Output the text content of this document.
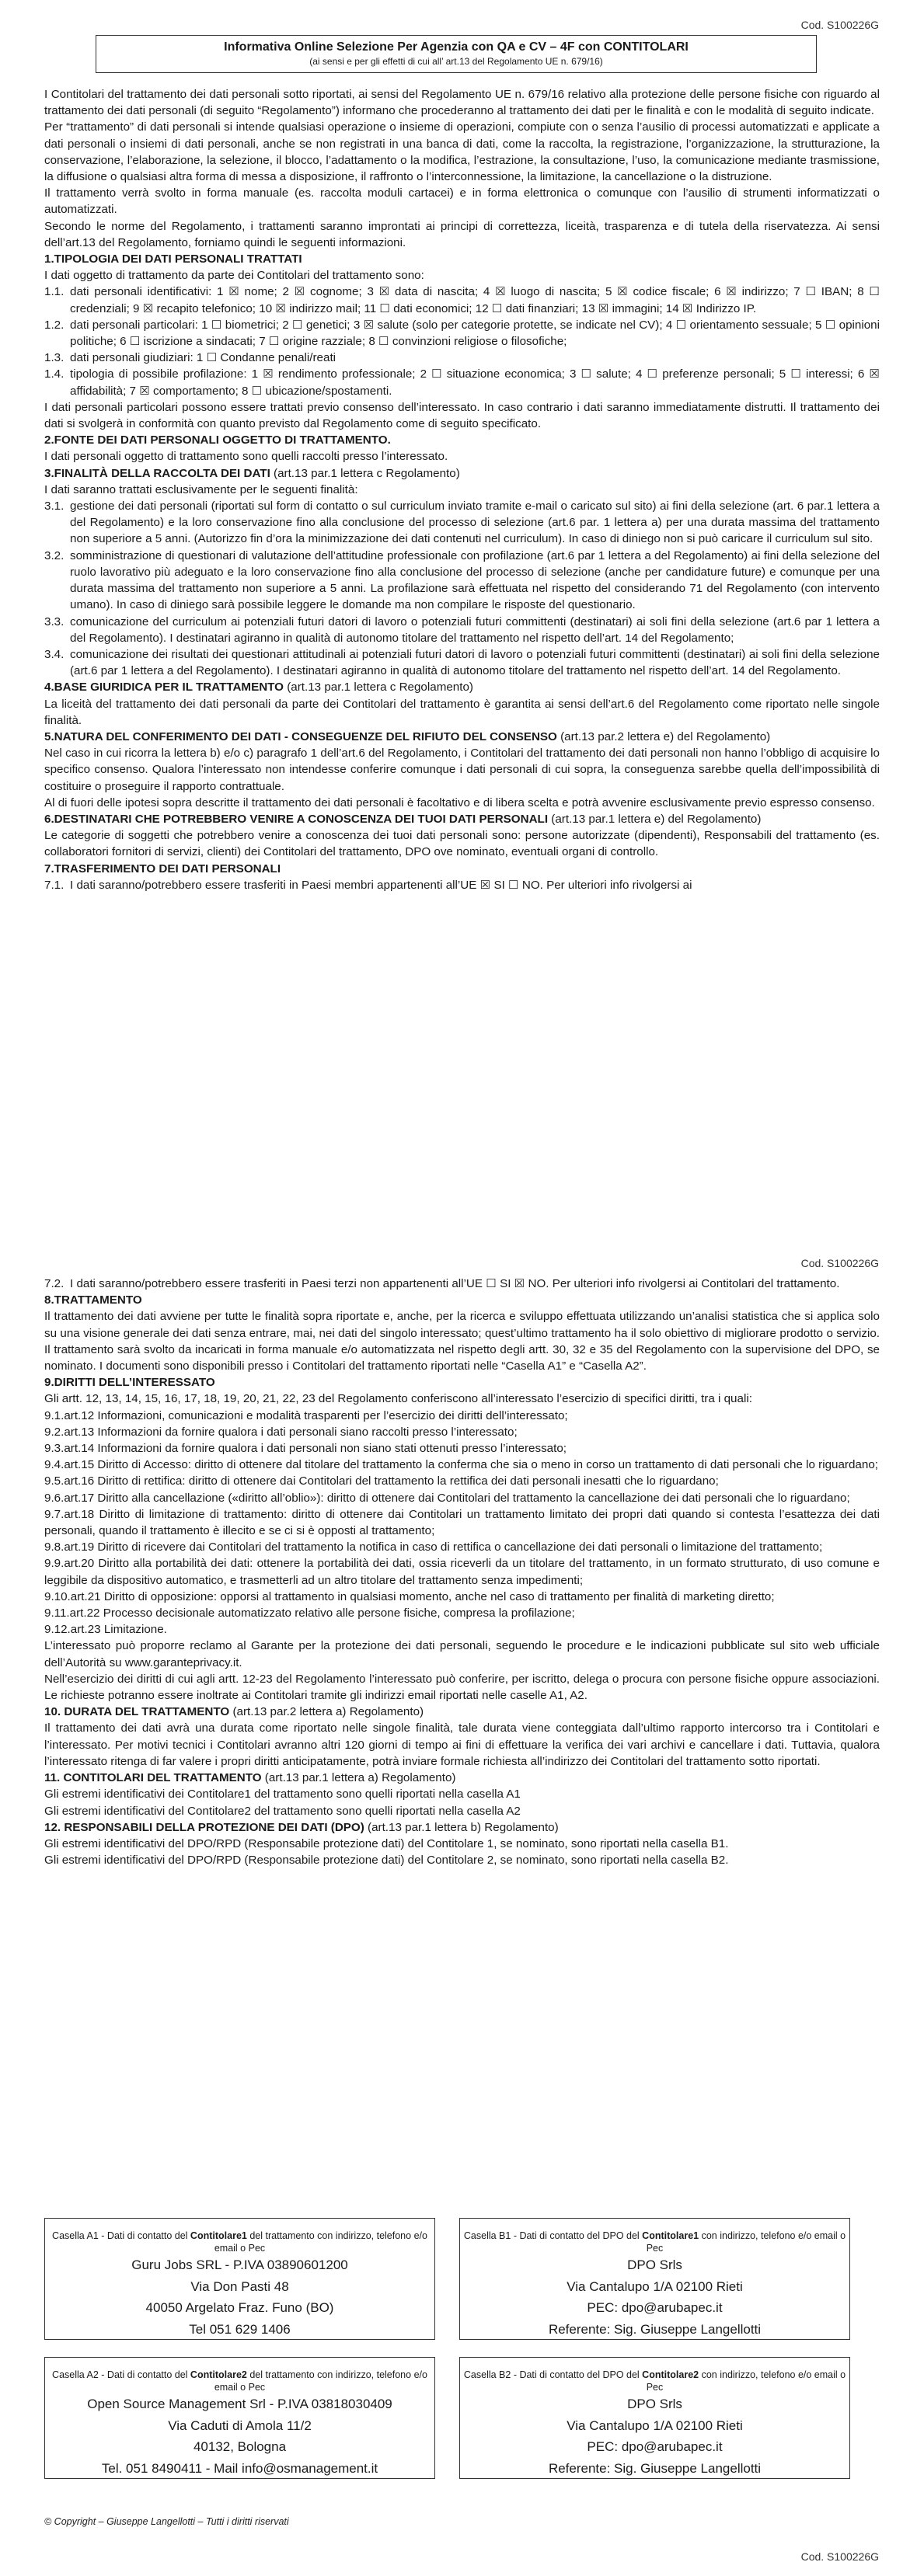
Cod. S100226G
Informativa Online Selezione Per Agenzia con QA e CV – 4F con CONTITOLARI
(ai sensi e per gli effetti di cui all’ art.13 del Regolamento UE n. 679/16)

I Contitolari del trattamento dei dati personali sotto riportati, ai sensi del Regolamento UE n. 679/16 relativo alla protezione delle persone fisiche con riguardo al trattamento dei dati personali (di seguito “Regolamento”) informano che procederanno al trattamento dei dati per le finalità e con le modalità di seguito indicate.

Per “trattamento” di dati personali si intende qualsiasi operazione o insieme di operazioni, compiute con o senza l’ausilio di processi automatizzati e applicate a dati personali o insiemi di dati personali, anche se non registrati in una banca di dati, come la raccolta, la registrazione, l’organizzazione, la strutturazione, la conservazione, l’elaborazione, la selezione, il blocco, l’adattamento o la modifica, l’estrazione, la consultazione, l’uso, la comunicazione mediante trasmissione, la diffusione o qualsiasi altra forma di messa a disposizione, il raffronto o l’interconnessione, la limitazione, la cancellazione o la distruzione.

Il trattamento verrà svolto in forma manuale (es. raccolta moduli cartacei) e in forma elettronica o comunque con l’ausilio di strumenti informatizzati o automatizzati.

Secondo le norme del Regolamento, i trattamenti saranno improntati ai principi di correttezza, liceità, trasparenza e di tutela della riservatezza. Ai sensi dell’art.13 del Regolamento, forniamo quindi le seguenti informazioni.

1.TIPOLOGIA DEI DATI PERSONALI TRATTATI

I dati oggetto di trattamento da parte dei Contitolari del trattamento sono:

1.1. dati personali identificativi: 1 ☒ nome; 2 ☒ cognome; 3 ☒ data di nascita; 4 ☒ luogo di nascita; 5 ☒ codice fiscale; 6 ☒ indirizzo; 7 ☐ IBAN; 8 ☐ credenziali; 9 ☒ recapito telefonico; 10 ☒ indirizzo mail; 11 ☐ dati economici; 12 ☐ dati finanziari; 13 ☒ immagini; 14 ☒ Indirizzo IP.
1.2. dati personali particolari: 1 ☐ biometrici; 2 ☐ genetici; 3 ☒ salute (solo per categorie protette, se indicate nel CV); 4 ☐ orientamento sessuale; 5 ☐ opinioni politiche; 6 ☐ iscrizione a sindacati; 7 ☐ origine razziale; 8 ☐ convinzioni religiose o filosofiche;
1.3. dati personali giudiziari: 1 ☐ Condanne penali/reati
1.4. tipologia di possibile profilazione: 1 ☒ rendimento professionale; 2 ☐ situazione economica; 3 ☐ salute; 4 ☐ preferenze personali; 5 ☐ interessi; 6 ☒ affidabilità; 7 ☒ comportamento; 8 ☐ ubicazione/spostamenti.

I dati personali particolari possono essere trattati previo consenso dell’interessato. In caso contrario i dati saranno immediatamente distrutti. Il trattamento dei dati si svolgerà in conformità con quanto previsto dal Regolamento come di seguito specificato.

2.FONTE DEI DATI PERSONALI OGGETTO DI TRATTAMENTO.

I dati personali oggetto di trattamento sono quelli raccolti presso l’interessato.

3.FINALITÀ DELLA RACCOLTA DEI DATI (art.13 par.1 lettera c Regolamento)

I dati saranno trattati esclusivamente per le seguenti finalità:

3.1. gestione dei dati personali (riportati sul form di contatto o sul curriculum inviato tramite e-mail o caricato sul sito) ai fini della selezione (art. 6 par.1 lettera a del Regolamento) e la loro conservazione fino alla conclusione del processo di selezione (art.6 par. 1 lettera a) per una durata massima del trattamento non superiore a 5 anni. (Autorizzo fin d’ora la minimizzazione dei dati contenuti nel curriculum). In caso di diniego non si può caricare il curriculum sul sito.
3.2. somministrazione di questionari di valutazione dell’attitudine professionale con profilazione (art.6 par 1 lettera a del Regolamento) ai fini della selezione del ruolo lavorativo più adeguato e la loro conservazione fino alla conclusione del processo di selezione (anche per candidature future) e comunque per una durata massima del trattamento non superiore a 5 anni. La profilazione sarà effettuata nel rispetto del considerando 71 del Regolamento (con intervento umano). In caso di diniego sarà possibile leggere le domande ma non compilare le risposte del questionario.
3.3. comunicazione del curriculum ai potenziali futuri datori di lavoro o potenziali futuri committenti (destinatari) ai soli fini della selezione (art.6 par 1 lettera a del Regolamento). I destinatari agiranno in qualità di autonomo titolare del trattamento nel rispetto dell’art. 14 del Regolamento;
3.4. comunicazione dei risultati dei questionari attitudinali ai potenziali futuri datori di lavoro o potenziali futuri committenti (destinatari) ai soli fini della selezione (art.6 par 1 lettera a del Regolamento). I destinatari agiranno in qualità di autonomo titolare del trattamento nel rispetto dell’art. 14 del Regolamento.

4.BASE GIURIDICA PER IL TRATTAMENTO (art.13 par.1 lettera c Regolamento)

La liceità del trattamento dei dati personali da parte dei Contitolari del trattamento è garantita ai sensi dell’art.6 del Regolamento come riportato nelle singole finalità.

5.NATURA DEL CONFERIMENTO DEI DATI - CONSEGUENZE DEL RIFIUTO DEL CONSENSO (art.13 par.2 lettera e) del Regolamento)

Nel caso in cui ricorra la lettera b) e/o c) paragrafo 1 dell’art.6 del Regolamento, i Contitolari del trattamento dei dati personali non hanno l’obbligo di acquisire lo specifico consenso. Qualora l’interessato non intendesse conferire comunque i dati personali di cui sopra, la conseguenza sarebbe quella dell’impossibilità di costituire o proseguire il rapporto contrattuale.

Al di fuori delle ipotesi sopra descritte il trattamento dei dati personali è facoltativo e di libera scelta e potrà avvenire esclusivamente previo espresso consenso.

6.DESTINATARI CHE POTREBBERO VENIRE A CONOSCENZA DEI TUOI DATI PERSONALI (art.13 par.1 lettera e) del Regolamento)

Le categorie di soggetti che potrebbero venire a conoscenza dei tuoi dati personali sono: persone autorizzate (dipendenti), Responsabili del trattamento (es. collaboratori fornitori di servizi, clienti) dei Contitolari del trattamento, DPO ove nominato, eventuali organi di controllo.

7.TRASFERIMENTO DEI DATI PERSONALI

7.1. I dati saranno/potrebbero essere trasferiti in Paesi membri appartenenti all’UE ☒ SI ☐ NO. Per ulteriori info rivolgersi ai
Cod. S100226G
7.2. I dati saranno/potrebbero essere trasferiti in Paesi terzi non appartenenti all’UE ☐ SI ☒ NO. Per ulteriori info rivolgersi ai Contitolari del trattamento.

8.TRATTAMENTO

Il trattamento dei dati avviene per tutte le finalità sopra riportate e, anche, per la ricerca e sviluppo effettuata utilizzando un’analisi statistica che si applica solo su una visione generale dei dati senza entrare, mai, nei dati del singolo interessato; quest’ultimo trattamento ha il solo obiettivo di migliorare prodotto o servizio. Il trattamento sarà svolto da incaricati in forma manuale e/o automatizzata nel rispetto degli artt. 30, 32 e 35 del Regolamento con la supervisione del DPO, se nominato. I documenti sono disponibili presso i Contitolari del trattamento riportati nelle “Casella A1” e “Casella A2”.

9.DIRITTI DELL’INTERESSATO

Gli artt. 12, 13, 14, 15, 16, 17, 18, 19, 20, 21, 22, 23 del Regolamento conferiscono all’interessato l’esercizio di specifici diritti, tra i quali:

9.1.art.12 Informazioni, comunicazioni e modalità trasparenti per l’esercizio dei diritti dell’interessato;

9.2.art.13 Informazioni da fornire qualora i dati personali siano raccolti presso l’interessato;

9.3.art.14 Informazioni da fornire qualora i dati personali non siano stati ottenuti presso l’interessato;

9.4.art.15 Diritto di Accesso: diritto di ottenere dal titolare del trattamento la conferma che sia o meno in corso un trattamento di dati personali che lo riguardano;

9.5.art.16 Diritto di rettifica: diritto di ottenere dai Contitolari del trattamento la rettifica dei dati personali inesatti che lo riguardano;

9.6.art.17 Diritto alla cancellazione («diritto all’oblio»): diritto di ottenere dai Contitolari del trattamento la cancellazione dei dati personali che lo riguardano;

9.7.art.18 Diritto di limitazione di trattamento: diritto di ottenere dai Contitolari un trattamento limitato dei propri dati quando si contesta l’esattezza dei dati personali, quando il trattamento è illecito e se ci si è opposti al trattamento;

9.8.art.19 Diritto di ricevere dai Contitolari del trattamento la notifica in caso di rettifica o cancellazione dei dati personali o limitazione del trattamento;

9.9.art.20 Diritto alla portabilità dei dati: ottenere la portabilità dei dati, ossia riceverli da un titolare del trattamento, in un formato strutturato, di uso comune e leggibile da dispositivo automatico, e trasmetterli ad un altro titolare del trattamento senza impedimenti;

9.10.art.21 Diritto di opposizione: opporsi al trattamento in qualsiasi momento, anche nel caso di trattamento per finalità di marketing diretto;

9.11.art.22 Processo decisionale automatizzato relativo alle persone fisiche, compresa la profilazione;

9.12.art.23 Limitazione.

L’interessato può proporre reclamo al Garante per la protezione dei dati personali, seguendo le procedure e le indicazioni pubblicate sul sito web ufficiale dell’Autorità su www.garanteprivacy.it.

Nell’esercizio dei diritti di cui agli artt. 12-23 del Regolamento l’interessato può conferire, per iscritto, delega o procura con persone fisiche oppure associazioni. Le richieste potranno essere inoltrate ai Contitolari tramite gli indirizzi email riportati nelle caselle A1, A2.

10. DURATA DEL TRATTAMENTO (art.13 par.2 lettera a) Regolamento)

Il trattamento dei dati avrà una durata come riportato nelle singole finalità, tale durata viene conteggiata dall’ultimo rapporto intercorso tra i Contitolari e l’interessato. Per motivi tecnici i Contitolari avranno altri 120 giorni di tempo ai fini di effettuare la verifica dei vari archivi e cancellare i dati. Tuttavia, qualora l’interessato ritenga di far valere i propri diritti anticipatamente, potrà inviare formale richiesta all’indirizzo dei Contitolari del trattamento sotto riportati.

11. CONTITOLARI DEL TRATTAMENTO (art.13 par.1 lettera a) Regolamento)

Gli estremi identificativi dei Contitolare1 del trattamento sono quelli riportati nella casella A1

Gli estremi identificativi del Contitolare2 del trattamento sono quelli riportati nella casella A2

12. RESPONSABILI DELLA PROTEZIONE DEI DATI (DPO) (art.13 par.1 lettera b) Regolamento)

Gli estremi identificativi del DPO/RPD (Responsabile protezione dati) del Contitolare 1, se nominato, sono riportati nella casella B1.

Gli estremi identificativi del DPO/RPD (Responsabile protezione dati) del Contitolare 2, se nominato, sono riportati nella casella B2.

Casella A1 - Dati di contatto del Contitolare1 del trattamento con indirizzo, telefono e/o email o Pec
Guru Jobs SRL - P.IVA 03890601200
Via Don Pasti 48
40050 Argelato Fraz. Funo (BO)
Tel 051 629 1406
Casella B1 - Dati di contatto del DPO del Contitolare1 con indirizzo, telefono e/o email o Pec
DPO Srls
Via Cantalupo 1/A 02100 Rieti
PEC: dpo@arubapec.it
Referente: Sig. Giuseppe Langellotti
Casella A2 - Dati di contatto del Contitolare2 del trattamento con indirizzo, telefono e/o email o Pec
Open Source Management Srl - P.IVA 03818030409
Via Caduti di Amola 11/2
40132, Bologna
Tel. 051 8490411 - Mail info@osmanagement.it
Casella B2 - Dati di contatto del DPO del Contitolare2 con indirizzo, telefono e/o email o Pec
DPO Srls
Via Cantalupo 1/A 02100 Rieti
PEC: dpo@arubapec.it
Referente: Sig. Giuseppe Langellotti
© Copyright – Giuseppe Langellotti – Tutti i diritti riservati
Cod. S100226G
